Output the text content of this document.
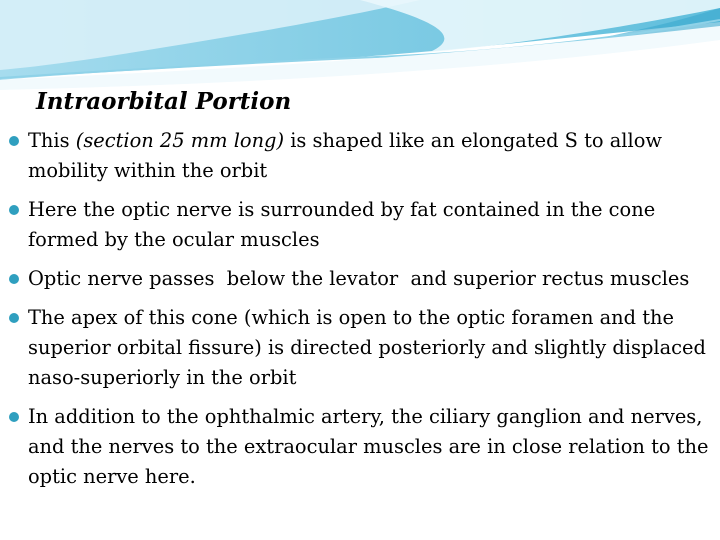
Intraorbital Portion
This (section 25 mm long) is shaped like an elongated S to allow mobility within the orbit
Here the optic nerve is surrounded by fat contained in the cone formed by the ocular muscles
Optic nerve passes  below the levator  and superior rectus muscles
The apex of this cone (which is open to the optic foramen and the superior orbital fissure) is directed posteriorly and slightly displaced naso-superiorly in the orbit
In addition to the ophthalmic artery, the ciliary ganglion and nerves, and the nerves to the extraocular muscles are in close relation to the optic nerve here.
